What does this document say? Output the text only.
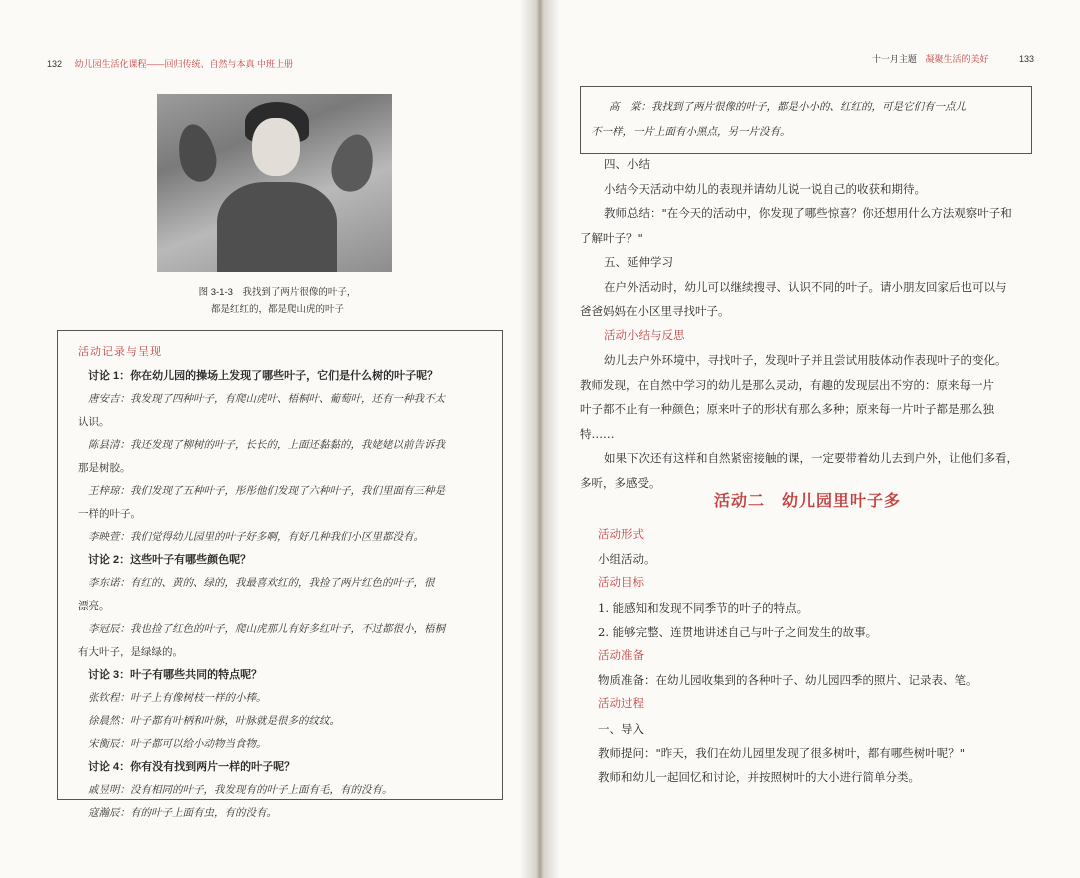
132 幼儿园生活化课程——回归传统、自然与本真 中班上册
图 3-1-3　我找到了两片很像的叶子，
都是红红的，都是爬山虎的叶子
活动记录与呈现

讨论 1：你在幼儿园的操场上发现了哪些叶子，它们是什么树的叶子呢？

唐安吉：我发现了四种叶子，有爬山虎叶、梧桐叶、葡萄叶，还有一种我不太

认识。

陈县清：我还发现了柳树的叶子，长长的，上面还黏黏的，我姥姥以前告诉我

那是树胶。

王梓琼：我们发现了五种叶子，彤彤他们发现了六种叶子，我们里面有三种是

一样的叶子。

李映萱：我们觉得幼儿园里的叶子好多啊，有好几种我们小区里都没有。

讨论 2：这些叶子有哪些颜色呢？

李东诺：有红的、黄的、绿的，我最喜欢红的，我捡了两片红色的叶子，很

漂亮。

李冠辰：我也捡了红色的叶子，爬山虎那儿有好多红叶子，不过都很小，梧桐

有大叶子，是绿绿的。

讨论 3：叶子有哪些共同的特点呢？

张钦程：叶子上有像树枝一样的小棒。

徐晨然：叶子都有叶柄和叶脉，叶脉就是很多的纹纹。

宋衡辰：叶子都可以给小动物当食物。

讨论 4：你有没有找到两片一样的叶子呢？

戚昱明：没有相同的叶子，我发现有的叶子上面有毛，有的没有。

寇瀚辰：有的叶子上面有虫，有的没有。

十一月主题 凝聚生活的美好	133
高　棠：我找到了两片很像的叶子，都是小小的、红红的，可是它们有一点儿
不一样，一片上面有小黑点，另一片没有。

四、小结

小结今天活动中幼儿的表现并请幼儿说一说自己的收获和期待。

教师总结："在今天的活动中，你发现了哪些惊喜？你还想用什么方法观察叶子和

了解叶子？"

五、延伸学习

在户外活动时，幼儿可以继续搜寻、认识不同的叶子。请小朋友回家后也可以与

爸爸妈妈在小区里寻找叶子。

活动小结与反思

幼儿去户外环境中，寻找叶子，发现叶子并且尝试用肢体动作表现叶子的变化。

教师发现，在自然中学习的幼儿是那么灵动，有趣的发现层出不穷的：原来每一片

叶子都不止有一种颜色；原来叶子的形状有那么多种；原来每一片叶子都是那么独

特……

如果下次还有这样和自然紧密接触的课，一定要带着幼儿去到户外，让他们多看，

多听，多感受。

活动二　幼儿园里叶子多

活动形式

小组活动。

活动目标

1. 能感知和发现不同季节的叶子的特点。

2. 能够完整、连贯地讲述自己与叶子之间发生的故事。

活动准备

物质准备：在幼儿园收集到的各种叶子、幼儿园四季的照片、记录表、笔。

活动过程

一、导入

教师提问："昨天，我们在幼儿园里发现了很多树叶，都有哪些树叶呢？"

教师和幼儿一起回忆和讨论，并按照树叶的大小进行简单分类。
